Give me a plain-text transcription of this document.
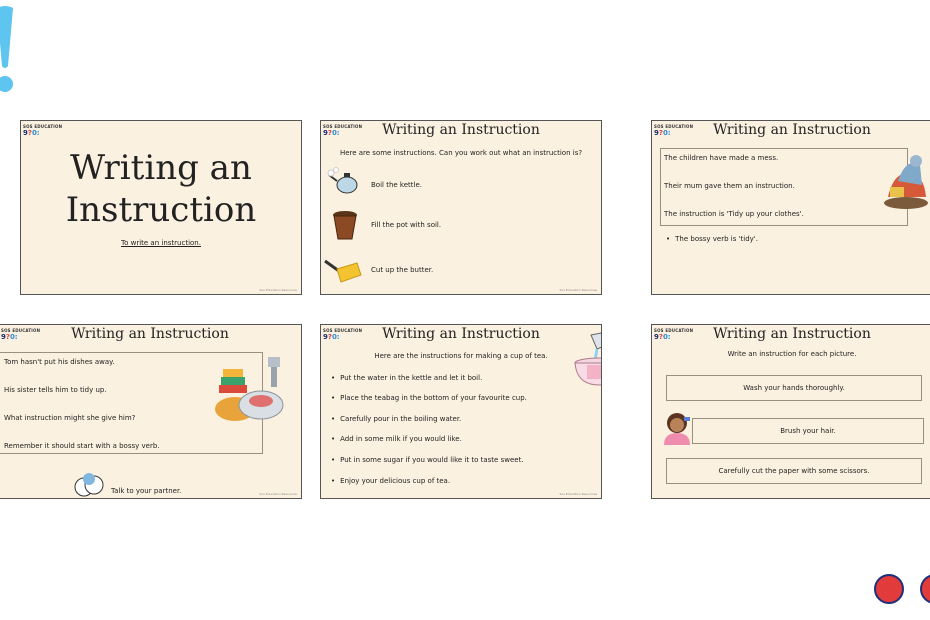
SOS EDUCATION
9?0:
Writing an Instruction
To write an instruction.
Sos Education Resources
SOS EDUCATION
9?0:	Writing an Instruction
Here are some instructions. Can you work out what an instruction is?
Boil the kettle.
Fill the pot with soil.
Cut up the butter.
Sos Education Resources
SOS EDUCATION
9?0:	Writing an Instruction
The children have made a mess.
Their mum gave them an instruction.
The instruction is 'Tidy up your clothes'.
• The bossy verb is 'tidy'.
SOS EDUCATION
9?0:	Writing an Instruction
Tom hasn't put his dishes away.
His sister tells him to tidy up.
What instruction might she give him?
Remember it should start with a bossy verb.
Talk to your partner.	Sos Education Resources
SOS EDUCATION
9?0:	Writing an Instruction
Here are the instructions for making a cup of tea.
• Put the water in the kettle and let it boil.
• Place the teabag in the bottom of your favourite cup.
• Carefully pour in the boiling water.
• Add in some milk if you would like.
• Put in some sugar if you would like it to taste sweet.
• Enjoy your delicious cup of tea.
Sos Education Resources
SOS EDUCATION
9?0:	Writing an Instruction
Write an instruction for each picture.
Wash your hands thoroughly.
Brush your hair.
Carefully cut the paper with some scissors.
